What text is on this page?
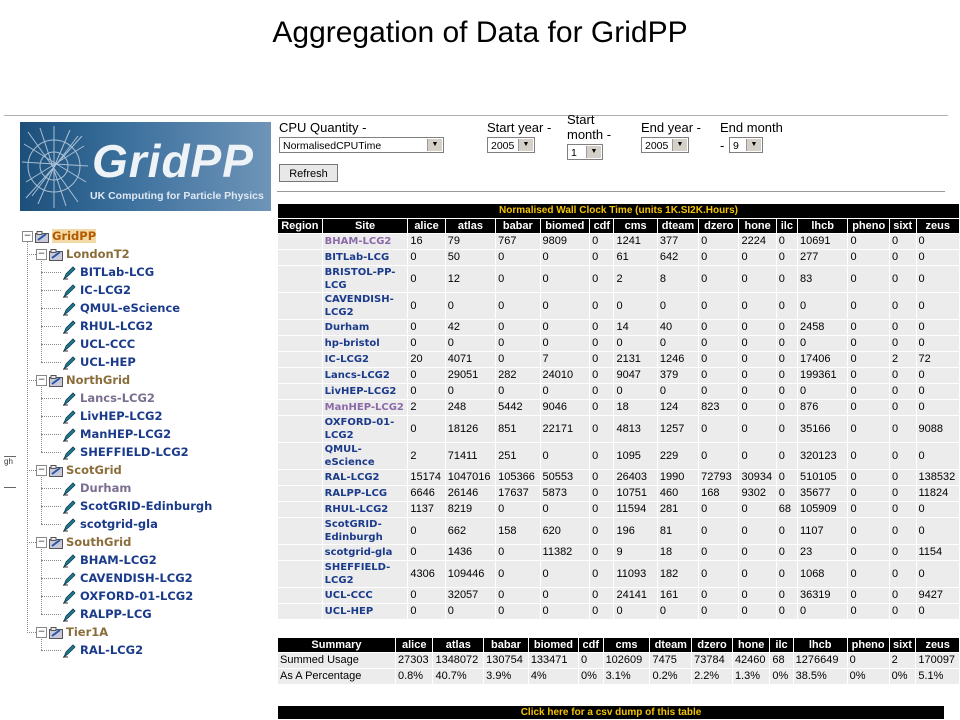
Aggregation of Data for GridPP
GridPP
UK Computing for Particle Physics
gh
− GridPP
− LondonT2
BITLab-LCG
IC-LCG2
QMUL-eScience
RHUL-LCG2
UCL-CCC
UCL-HEP
− NorthGrid
Lancs-LCG2
LivHEP-LCG2
ManHEP-LCG2
SHEFFIELD-LCG2
− ScotGrid
Durham
ScotGRID-Edinburgh
scotgrid-gla
− SouthGrid
BHAM-LCG2
CAVENDISH-LCG2
OXFORD-01-LCG2
RALPP-LCG
− Tier1A
RAL-LCG2
CPU Quantity -
NormalisedCPUTime	▼
Start year -
2005	▼
Start
month -
1	▼
End year -
2005	▼
End month
- 9	▼
Refresh
Normalised Wall Clock Time (units 1K.SI2K.Hours)															
Region	Site	alice	atlas	babar	biomed	cdf	cms	dteam	dzero	hone	ilc	lhcb	pheno	sixt	zeus
	BHAM-LCG2	16	79	767	9809	0	1241	377	0	2224	0	10691	0	0	0
	BITLab-LCG	0	50	0	0	0	61	642	0	0	0	277	0	0	0
	BRISTOL-PP-LCG	0	12	0	0	0	2	8	0	0	0	83	0	0	0
	CAVENDISH-LCG2	0	0	0	0	0	0	0	0	0	0	0	0	0	0
	Durham	0	42	0	0	0	14	40	0	0	0	2458	0	0	0
	hp-bristol	0	0	0	0	0	0	0	0	0	0	0	0	0	0
	IC-LCG2	20	4071	0	7	0	2131	1246	0	0	0	17406	0	2	72
	Lancs-LCG2	0	29051	282	24010	0	9047	379	0	0	0	199361	0	0	0
	LivHEP-LCG2	0	0	0	0	0	0	0	0	0	0	0	0	0	0
	ManHEP-LCG2	2	248	5442	9046	0	18	124	823	0	0	876	0	0	0
	OXFORD-01-LCG2	0	18126	851	22171	0	4813	1257	0	0	0	35166	0	0	9088
	QMUL-eScience	2	71411	251	0	0	1095	229	0	0	0	320123	0	0	0
	RAL-LCG2	15174	1047016	105366	50553	0	26403	1990	72793	30934	0	510105	0	0	138532
	RALPP-LCG	6646	26146	17637	5873	0	10751	460	168	9302	0	35677	0	0	11824
	RHUL-LCG2	1137	8219	0	0	0	11594	281	0	0	68	105909	0	0	0
	ScotGRID-Edinburgh	0	662	158	620	0	196	81	0	0	0	1107	0	0	0
	scotgrid-gla	0	1436	0	11382	0	9	18	0	0	0	23	0	0	1154
	SHEFFIELD-LCG2	4306	109446	0	0	0	11093	182	0	0	0	1068	0	0	0
	UCL-CCC	0	32057	0	0	0	24141	161	0	0	0	36319	0	0	9427
	UCL-HEP	0	0	0	0	0	0	0	0	0	0	0	0	0	0
Summary	alice	atlas	babar	biomed	cdf	cms	dteam	dzero	hone	ilc	lhcb	pheno	sixt	zeus
Summed Usage	27303	1348072	130754	133471	0	102609	7475	73784	42460	68	1276649	0	2	170097
As A Percentage	0.8%	40.7%	3.9%	4%	0%	3.1%	0.2%	2.2%	1.3%	0%	38.5%	0%	0%	5.1%
Click here for a csv dump of this table
